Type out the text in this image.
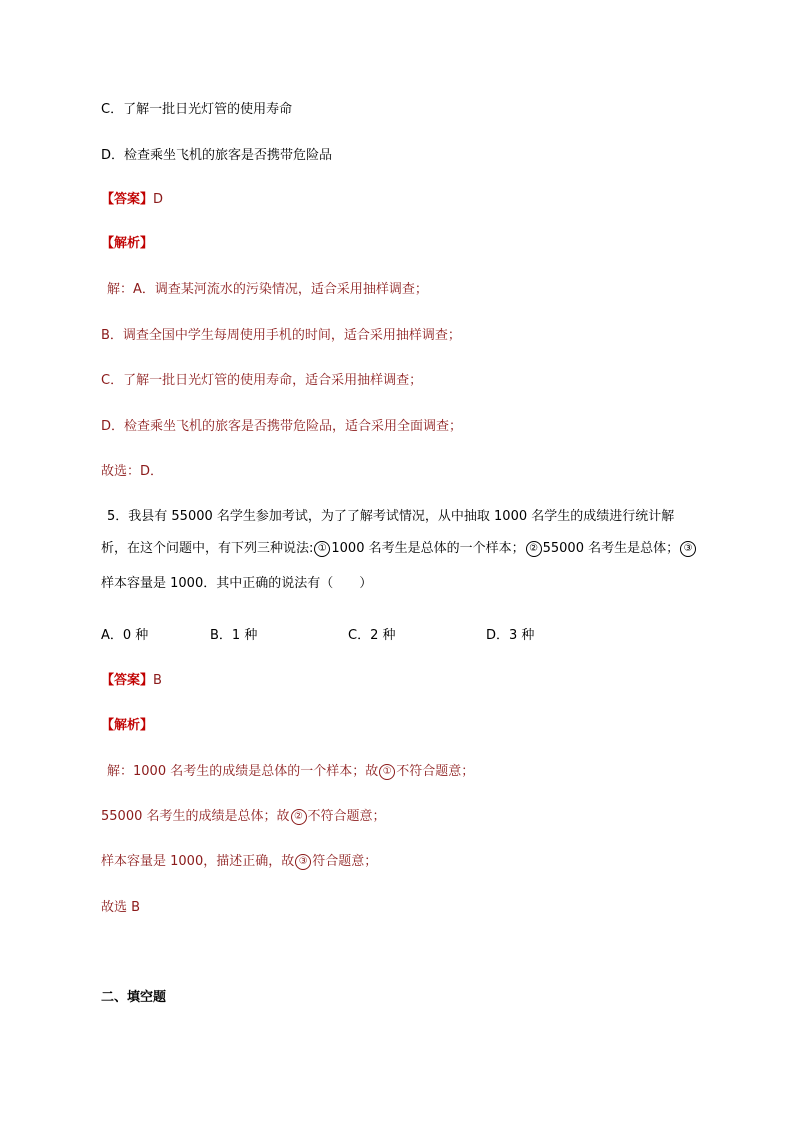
C．了解一批日光灯管的使用寿命
D．检查乘坐飞机的旅客是否携带危险品
【答案】D
【解析】
解：A．调查某河流水的污染情况，适合采用抽样调查；
B．调查全国中学生每周使用手机的时间，适合采用抽样调查；
C．了解一批日光灯管的使用寿命，适合采用抽样调查；
D．检查乘坐飞机的旅客是否携带危险品，适合采用全面调查；
故选：D．
5．我县有 55000 名学生参加考试，为了了解考试情况，从中抽取 1000 名学生的成绩进行统计解
析，在这个问题中，有下列三种说法: ① 1000 名考生是总体的一个样本； ② 55000 名考生是总体； ③
样本容量是 1000．其中正确的说法有（　　）
A．0 种	B．1 种	C．2 种	D．3 种
【答案】B
【解析】
解：1000 名考生的成绩是总体的一个样本；故 ① 不符合题意；
55000 名考生的成绩是总体；故 ② 不符合题意；
样本容量是 1000，描述正确，故 ③ 符合题意；
故选 B
二、填空题
